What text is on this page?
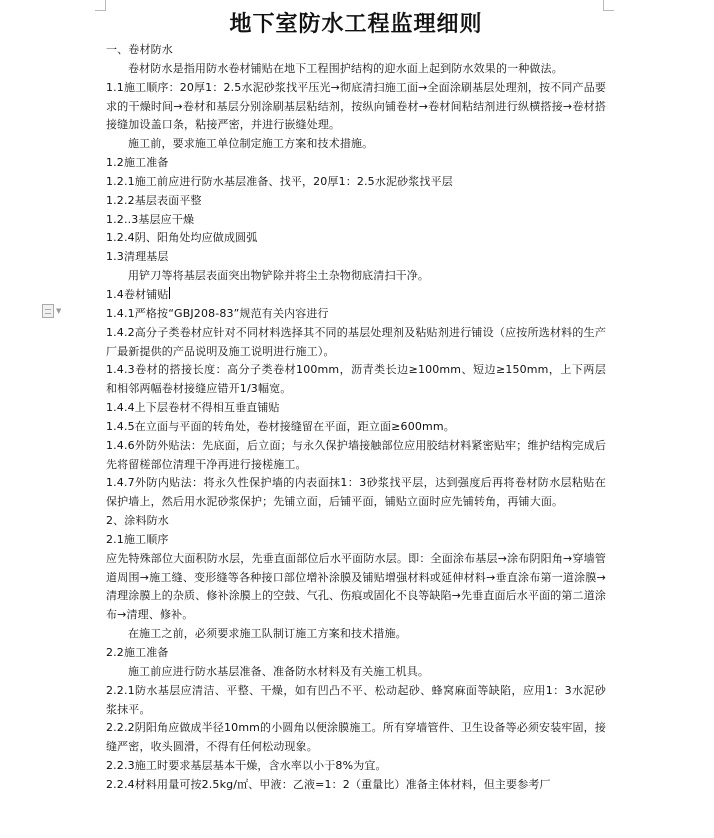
▼
地下室防水工程监理细则

一、卷材防水

卷材防水是指用防水卷材铺贴在地下工程围护结构的迎水面上起到防水效果的一种做法。

1.1施工顺序：20厚1：2.5水泥砂浆找平压光→彻底清扫施工面→全面涂刷基层处理剂，按不同产品要求的干燥时间→卷材和基层分别涂刷基层粘结剂，按纵向铺卷材→卷材间粘结剂进行纵横搭接→卷材搭接缝加设盖口条，粘接严密，并进行嵌缝处理。

施工前，要求施工单位制定施工方案和技术措施。

1.2施工准备

1.2.1施工前应进行防水基层准备、找平，20厚1：2.5水泥砂浆找平层

1.2.2基层表面平整

1.2..3基层应干燥

1.2.4阴、阳角处均应做成圆弧

1.3清理基层

用铲刀等将基层表面突出物铲除并将尘土杂物彻底清扫干净。

1.4卷材铺贴

1.4.1严格按“GBJ208-83”规范有关内容进行

1.4.2高分子类卷材应针对不同材料选择其不同的基层处理剂及粘贴剂进行铺设（应按所选材料的生产厂最新提供的产品说明及施工说明进行施工）。

1.4.3卷材的搭接长度：高分子类卷材100mm，沥青类长边≥100mm、短边≥150mm，上下两层和相邻两幅卷材接缝应错开1/3幅宽。

1.4.4上下层卷材不得相互垂直铺贴

1.4.5在立面与平面的转角处，卷材接缝留在平面，距立面≥600mm。

1.4.6外防外贴法：先底面，后立面；与永久保护墙接触部位应用胶结材料紧密贴牢；维护结构完成后先将留槎部位清理干净再进行接槎施工。

1.4.7外防内贴法：将永久性保护墙的内表面抹1：3砂浆找平层，达到强度后再将卷材防水层粘贴在保护墙上，然后用水泥砂浆保护；先铺立面，后铺平面，铺贴立面时应先铺转角，再铺大面。

2、涂料防水

2.1施工顺序

应先特殊部位大面积防水层，先垂直面部位后水平面防水层。即：全面涂布基层→涂布阴阳角→穿墙管道周围→施工缝、变形缝等各种接口部位增补涂膜及铺贴增强材料或延伸材料→垂直涂布第一道涂膜→清理涂膜上的杂质、修补涂膜上的空鼓、气孔、伤痕或固化不良等缺陷→先垂直面后水平面的第二道涂布→清理、修补。

在施工之前，必须要求施工队制订施工方案和技术措施。

2.2施工准备

施工前应进行防水基层准备、准备防水材料及有关施工机具。

2.2.1防水基层应清洁、平整、干燥，如有凹凸不平、松动起砂、蜂窝麻面等缺陷，应用1：3水泥砂浆抹平。

2.2.2阴阳角应做成半径10mm的小圆角以便涂膜施工。所有穿墙管件、卫生设备等必须安装牢固，接缝严密，收头圆滑，不得有任何松动现象。

2.2.3施工时要求基层基本干燥，含水率以小于8%为宜。

2.2.4材料用量可按2.5kg/㎡、甲液：乙液=1：2（重量比）准备主体材料，但主要参考厂
